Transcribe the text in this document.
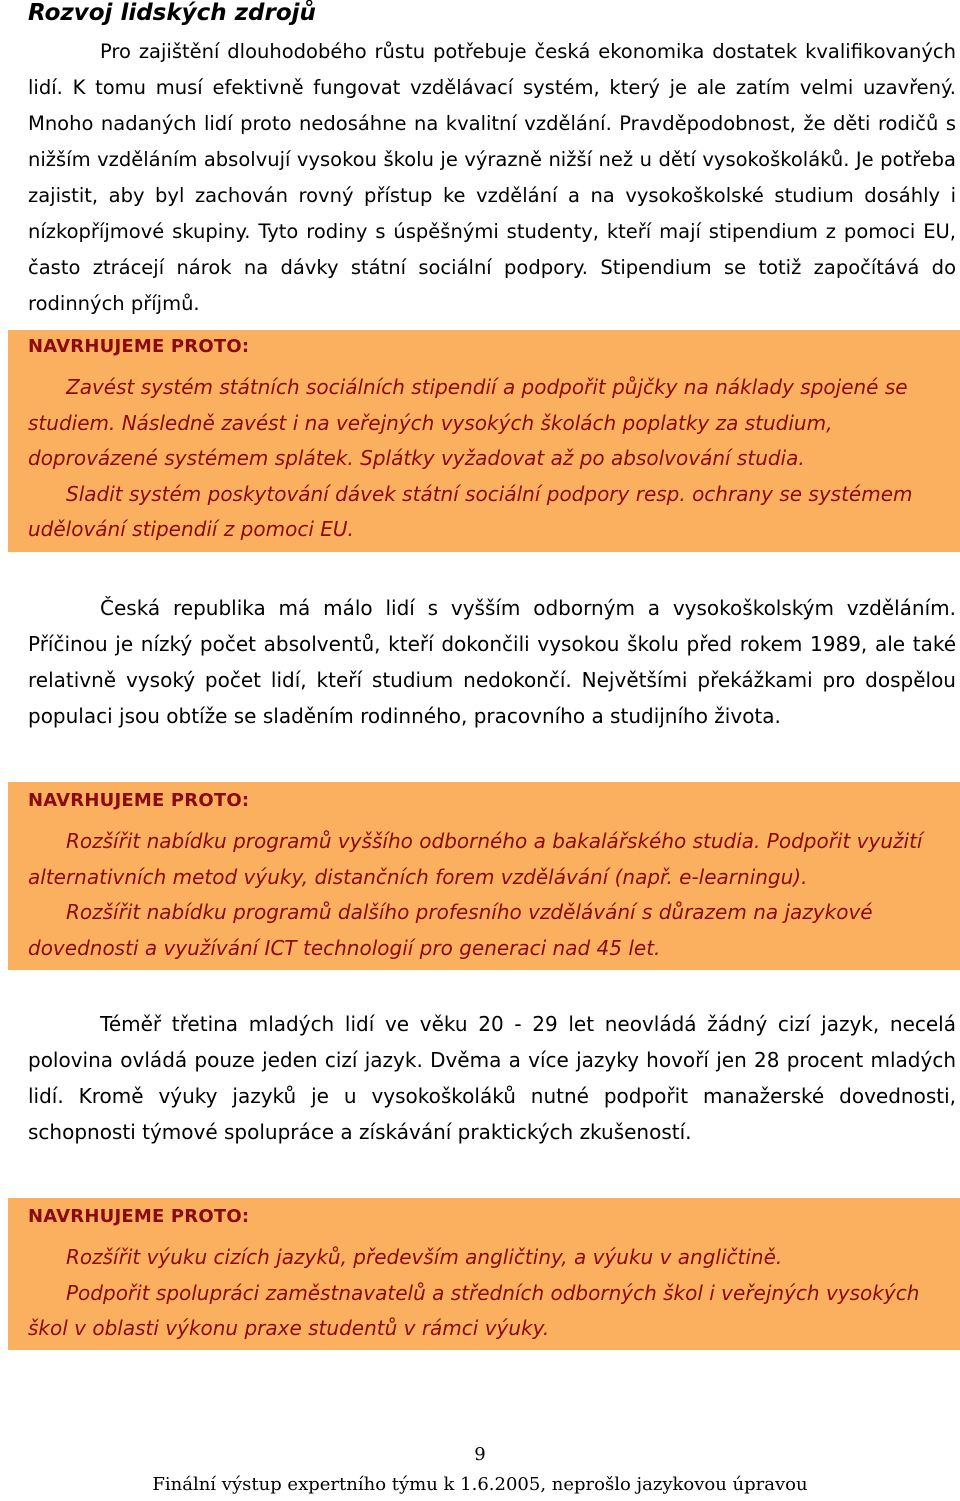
Rozvoj lidských zdrojů

Pro zajištění dlouhodobého růstu potřebuje česká ekonomika dostatek kvalifikovaných lidí. K tomu musí efektivně fungovat vzdělávací systém, který je ale zatím velmi uzavřený. Mnoho nadaných lidí proto nedosáhne na kvalitní vzdělání. Pravděpodobnost, že děti rodičů s nižším vzděláním absolvují vysokou školu je výrazně nižší než u dětí vysokoškoláků. Je potřeba zajistit, aby byl zachován rovný přístup ke vzdělání a na vysokoškolské studium dosáhly i nízkopříjmové skupiny. Tyto rodiny s úspěšnými studenty, kteří mají stipendium z pomoci EU, často ztrácejí nárok na dávky státní sociální podpory. Stipendium se totiž započítává do rodinných příjmů.

NAVRHUJEME PROTO:

Zavést systém státních sociálních stipendií a podpořit půjčky na náklady spojené se studiem. Následně zavést i na veřejných vysokých školách poplatky za studium, doprovázené systémem splátek. Splátky vyžadovat až po absolvování studia.

Sladit systém poskytování dávek státní sociální podpory resp. ochrany se systémem udělování stipendií z pomoci EU.

Česká republika má málo lidí s vyšším odborným a vysokoškolským vzděláním. Příčinou je nízký počet absolventů, kteří dokončili vysokou školu před rokem 1989, ale také relativně vysoký počet lidí, kteří studium nedokončí. Největšími překážkami pro dospělou populaci jsou obtíže se sladěním rodinného, pracovního a studijního života.

NAVRHUJEME PROTO:

Rozšířit nabídku programů vyššího odborného a bakalářského studia. Podpořit využití alternativních metod výuky, distančních forem vzdělávání (např. e-learningu).

Rozšířit nabídku programů dalšího profesního vzdělávání s důrazem na jazykové dovednosti a využívání ICT technologií pro generaci nad 45 let.

Téměř třetina mladých lidí ve věku 20 - 29 let neovládá žádný cizí jazyk, necelá polovina ovládá pouze jeden cizí jazyk. Dvěma a více jazyky hovoří jen 28 procent mladých lidí. Kromě výuky jazyků je u vysokoškoláků nutné podpořit manažerské dovednosti, schopnosti týmové spolupráce a získávání praktických zkušeností.

NAVRHUJEME PROTO:

Rozšířit výuku cizích jazyků, především angličtiny, a výuku v angličtině.

Podpořit spolupráci zaměstnavatelů a středních odborných škol i veřejných vysokých škol v oblasti výkonu praxe studentů v rámci výuky.

9
Finální výstup expertního týmu k 1.6.2005, neprošlo jazykovou úpravou
